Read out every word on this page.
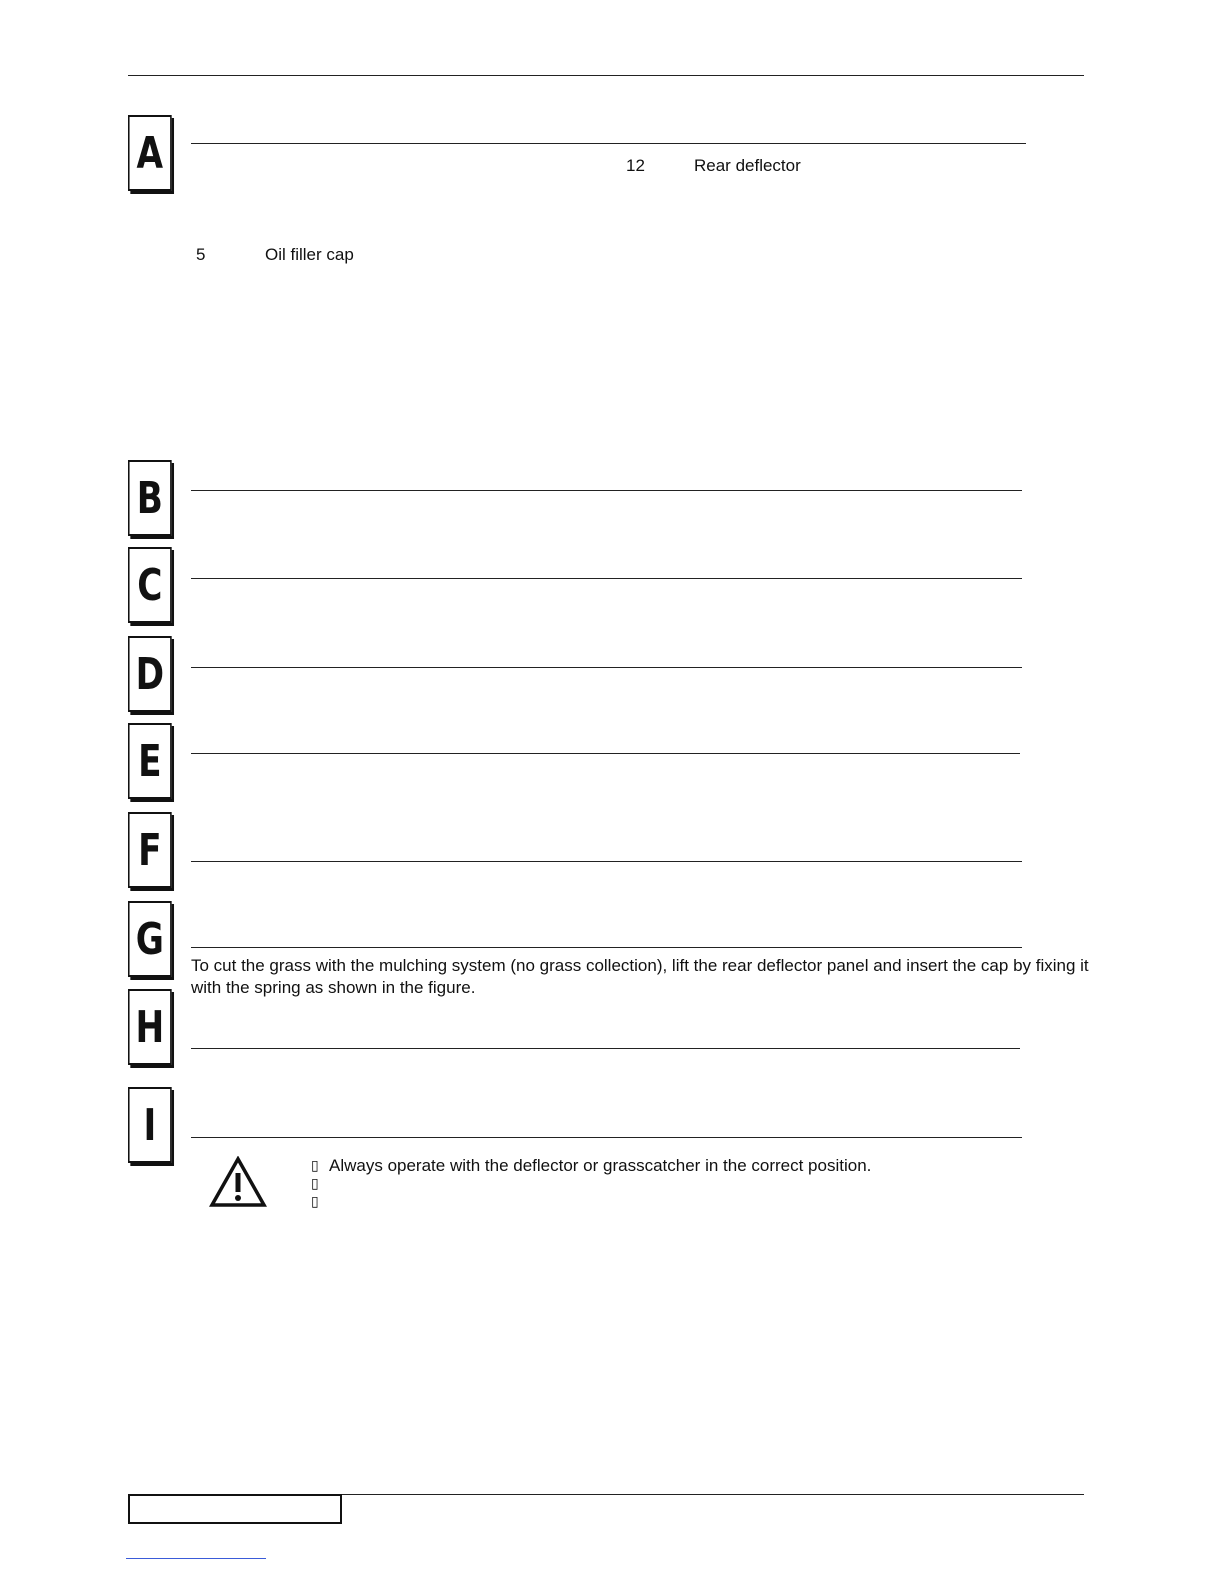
A	12	Rear deflector
5	Oil filler cap
B
C
D
E
F
G
To cut the grass with the mulching system (no grass collection), lift the rear deflector panel and insert the cap by fixing it with the spring as shown in the figure.
H
I
▯ Always operate with the deflector or grasscatcher in the correct position.
▯
▯
